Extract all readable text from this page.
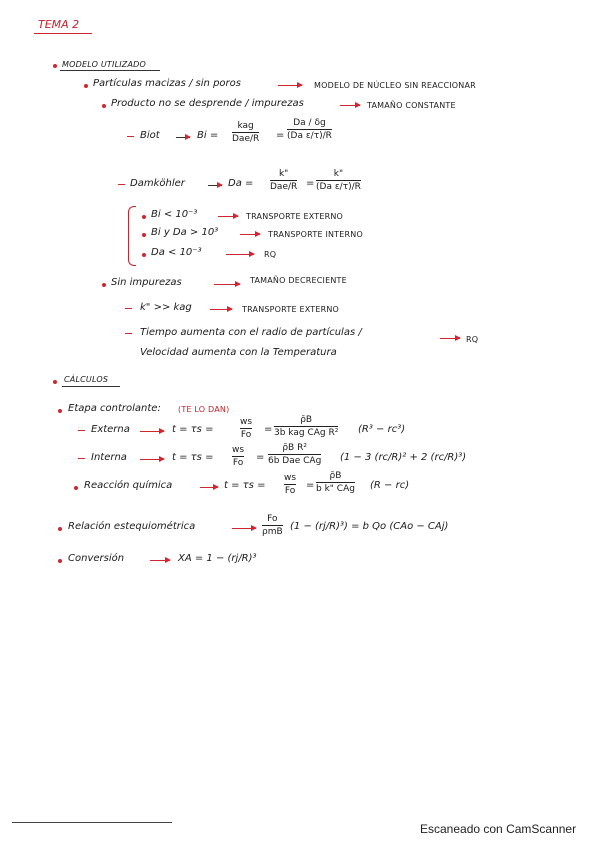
TEMA 2
MODELO UTILIZADO
Partículas macizas / sin poros	MODELO DE NÚCLEO SIN REACCIONAR
Producto no se desprende / impurezas	TAMAÑO CONSTANTE
Biot	Bi =
kag
Dae/R =
Da / δg
(Da ε/τ)/R
Damköhler	Da =
k"
Dae/R =
k"
(Da ε/τ)/R
Bi < 10⁻³	TRANSPORTE EXTERNO
Bi y Da > 10³	TRANSPORTE INTERNO
Da < 10⁻³	RQ
Sin impurezas	TAMAÑO DECRECIENTE
k" >> kag	TRANSPORTE EXTERNO
Tiempo aumenta con el radio de partículas /
RQ
Velocidad aumenta con la Temperatura
CÁLCULOS
Etapa controlante: (TE LO DAN)
Externa	t = τs =
ws
Fo =
ρ̄B
3b kag CAg R² (R³ − rc³)
Interna	t = τs =
ws
Fo =
ρ̄B R²
6b Dae CAg (1 − 3 (rc/R)² + 2 (rc/R)³)
Reacción química	t = τs =
ws
Fo =
ρ̄B
b k" CAg (R − rc)
Relación estequiométrica
Fo
ρmB (1 − (rj/R)³) = b Qo (CAo − CAj)
Conversión	XA = 1 − (rj/R)³
Escaneado con CamScanner
